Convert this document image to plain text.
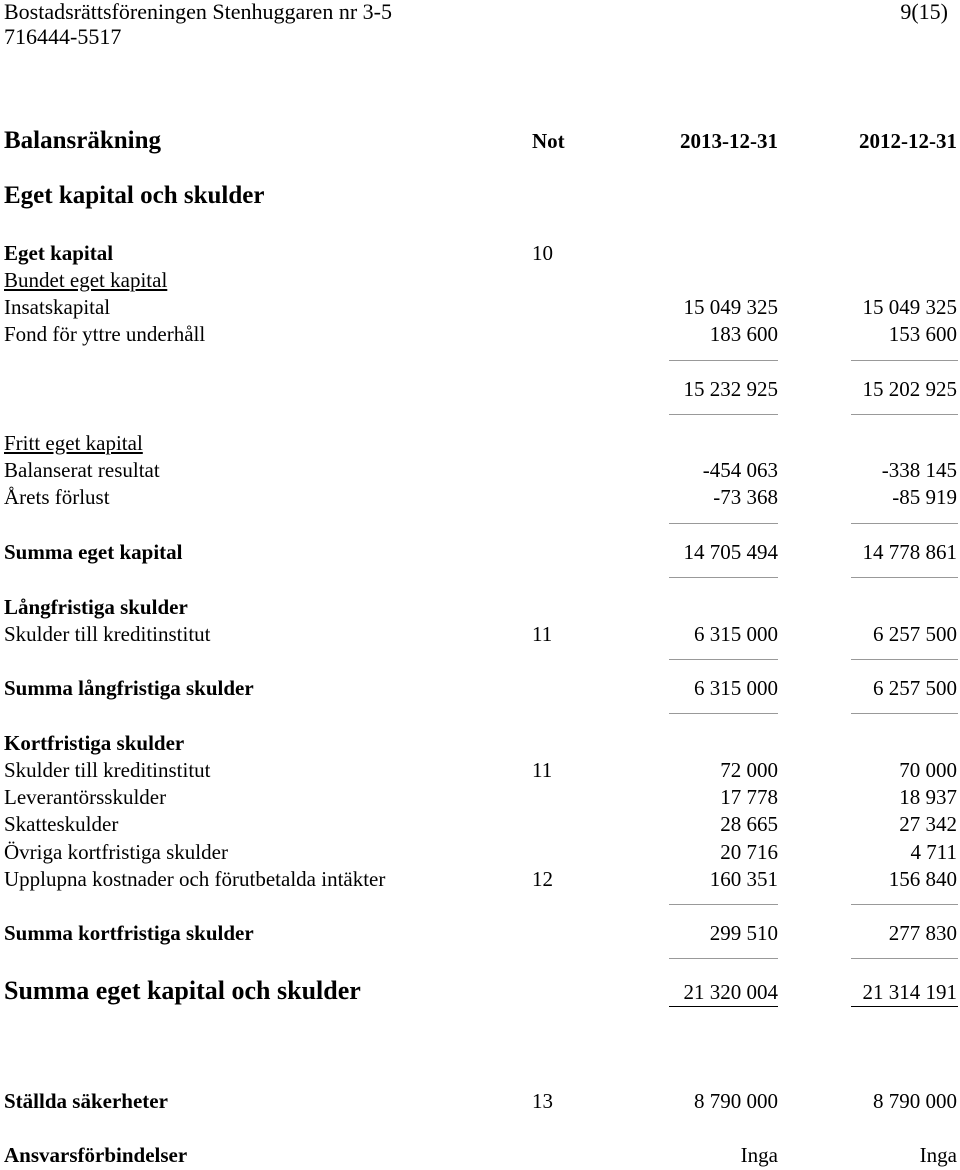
Bostadsrättsföreningen Stenhuggaren nr 3-5
716444-5517
9(15)
Balansräkning	Not	2013-12-31	2012-12-31
Eget kapital och skulder
Eget kapital	10
Bundet eget kapital
Insatskapital	15 049 325	15 049 325
Fond för yttre underhåll	183 600	153 600
15 232 925	15 202 925
Fritt eget kapital
Balanserat resultat	-454 063	-338 145
Årets förlust	-73 368	-85 919
Summa eget kapital	14 705 494	14 778 861
Långfristiga skulder
Skulder till kreditinstitut	11	6 315 000	6 257 500
Summa långfristiga skulder	6 315 000	6 257 500
Kortfristiga skulder
Skulder till kreditinstitut	11	72 000	70 000
Leverantörsskulder	17 778	18 937
Skatteskulder	28 665	27 342
Övriga kortfristiga skulder	20 716	4 711
Upplupna kostnader och förutbetalda intäkter	12	160 351	156 840
Summa kortfristiga skulder	299 510	277 830
Summa eget kapital och skulder	21 320 004	21 314 191
Ställda säkerheter	13	8 790 000	8 790 000
Ansvarsförbindelser	Inga	Inga
